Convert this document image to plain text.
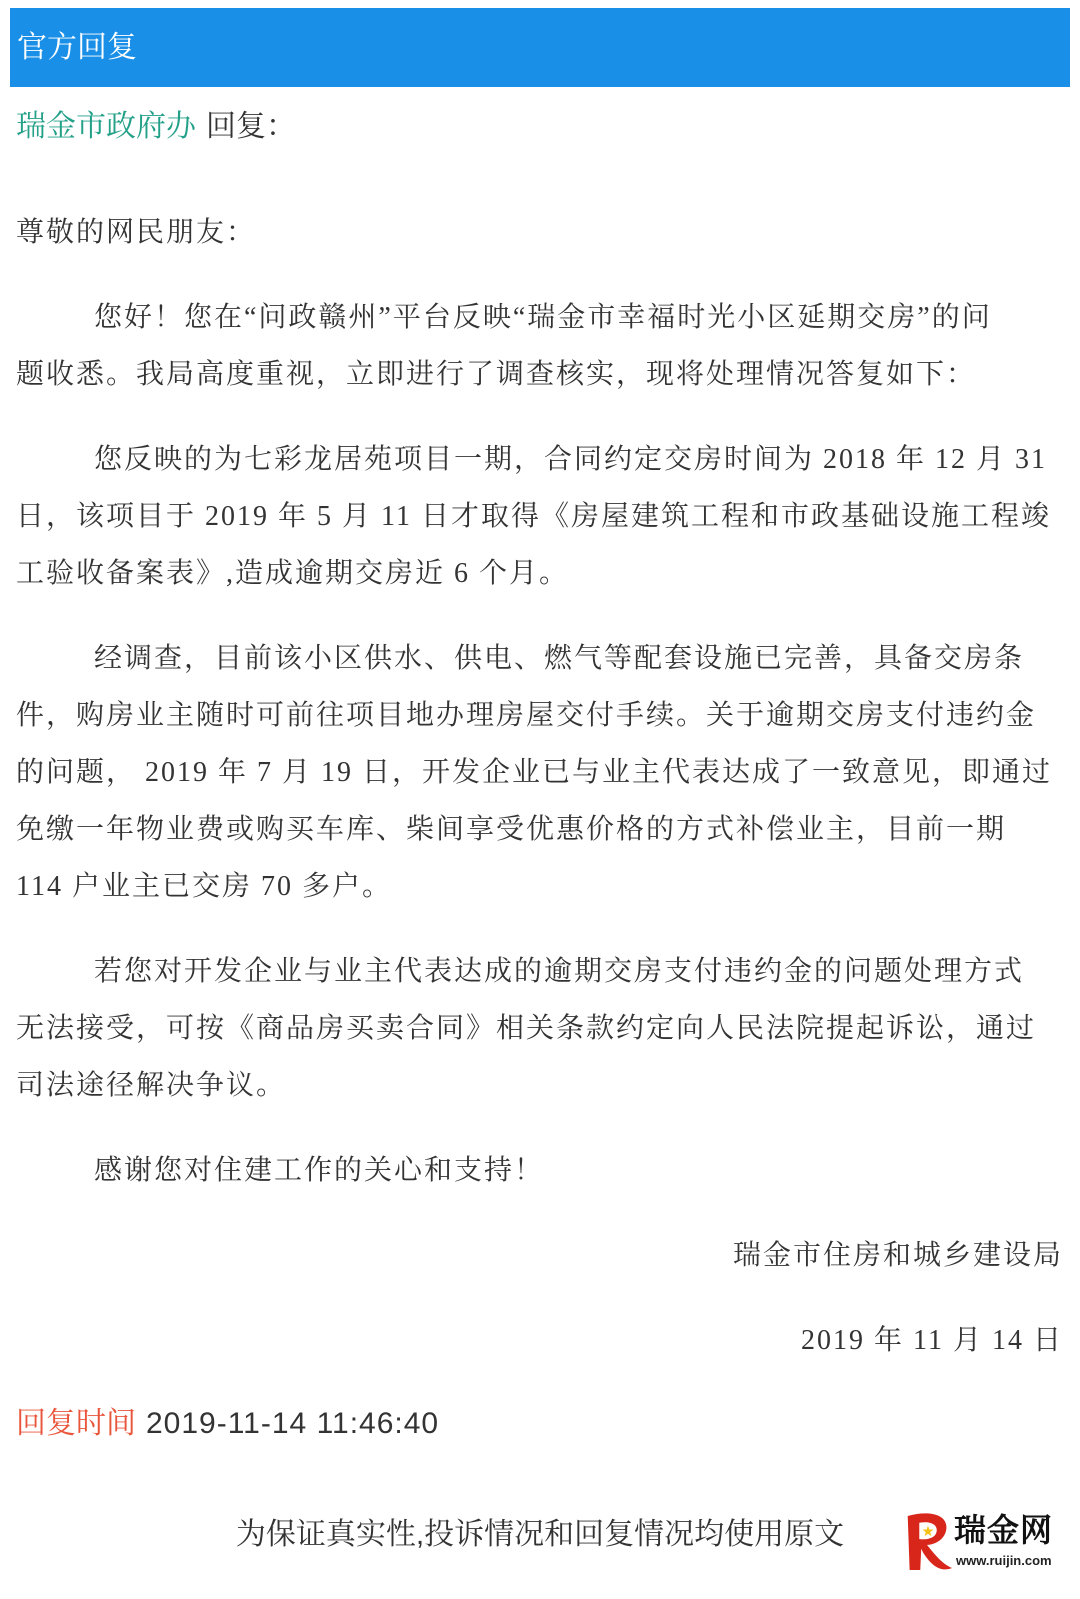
官方回复
瑞金市政府办 回复：
尊敬的网民朋友：
您好！您在“问政赣州”平台反映“瑞金市幸福时光小区延期交房”的问
题收悉。我局高度重视，立即进行了调查核实，现将处理情况答复如下：
您反映的为七彩龙居苑项目一期，合同约定交房时间为 2018 年 12 月 31
日，该项目于 2019 年 5 月 11 日才取得《房屋建筑工程和市政基础设施工程竣
工验收备案表》,造成逾期交房近 6 个月。
经调查，目前该小区供水、供电、燃气等配套设施已完善，具备交房条
件，购房业主随时可前往项目地办理房屋交付手续。关于逾期交房支付违约金
的问题， 2019 年 7 月 19 日，开发企业已与业主代表达成了一致意见，即通过
免缴一年物业费或购买车库、柴间享受优惠价格的方式补偿业主，目前一期
114 户业主已交房 70 多户。
若您对开发企业与业主代表达成的逾期交房支付违约金的问题处理方式
无法接受，可按《商品房买卖合同》相关条款约定向人民法院提起诉讼，通过
司法途径解决争议。
感谢您对住建工作的关心和支持！
瑞金市住房和城乡建设局
2019 年 11 月 14 日
回复时间 2019-11-14 11:46:40
为保证真实性,投诉情况和回复情况均使用原文	瑞金网
www.ruijin.com
